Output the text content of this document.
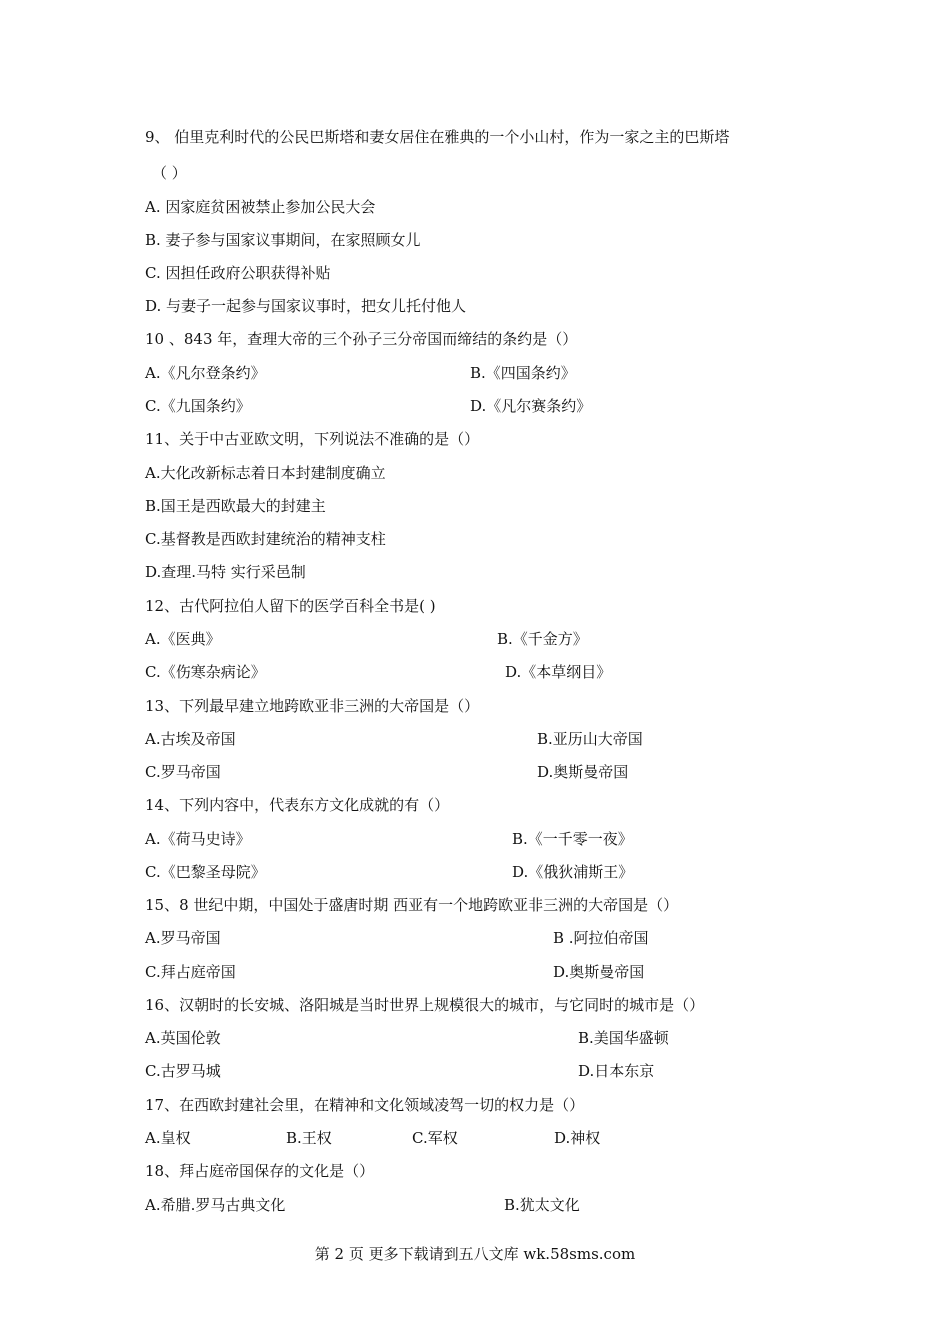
9、 伯里克利时代的公民巴斯塔和妻女居住在雅典的一个小山村，作为一家之主的巴斯塔
（ ）
A. 因家庭贫困被禁止参加公民大会
B. 妻子参与国家议事期间，在家照顾女儿
C. 因担任政府公职获得补贴
D. 与妻子一起参与国家议事时，把女儿托付他人
10 、843 年，查理大帝的三个孙子三分帝国而缔结的条约是（）
A.《凡尔登条约》	B.《四国条约》
C.《九国条约》	D.《凡尔赛条约》
11、关于中古亚欧文明，下列说法不准确的是（）
A.大化改新标志着日本封建制度确立
B.国王是西欧最大的封建主
C.基督教是西欧封建统治的精神支柱
D.查理.马特 实行采邑制
12、古代阿拉伯人留下的医学百科全书是( )
A.《医典》	B.《千金方》
C.《伤寒杂病论》	D.《本草纲目》
13、下列最早建立地跨欧亚非三洲的大帝国是（）
A.古埃及帝国	B.亚历山大帝国
C.罗马帝国	D.奥斯曼帝国
14、下列内容中，代表东方文化成就的有（）
A.《荷马史诗》	B.《一千零一夜》
C.《巴黎圣母院》	D.《俄狄浦斯王》
15、8 世纪中期，中国处于盛唐时期 西亚有一个地跨欧亚非三洲的大帝国是（）
A.罗马帝国	B .阿拉伯帝国
C.拜占庭帝国	D.奥斯曼帝国
16、汉朝时的长安城、洛阳城是当时世界上规模很大的城市，与它同时的城市是（）
A.英国伦敦	B.美国华盛顿
C.古罗马城	D.日本东京
17、在西欧封建社会里，在精神和文化领域凌驾一切的权力是（）
A.皇权	B.王权	C.军权	D.神权
18、拜占庭帝国保存的文化是（）
A.希腊.罗马古典文化	B.犹太文化
第 2 页 更多下载请到五八文库 wk.58sms.com
